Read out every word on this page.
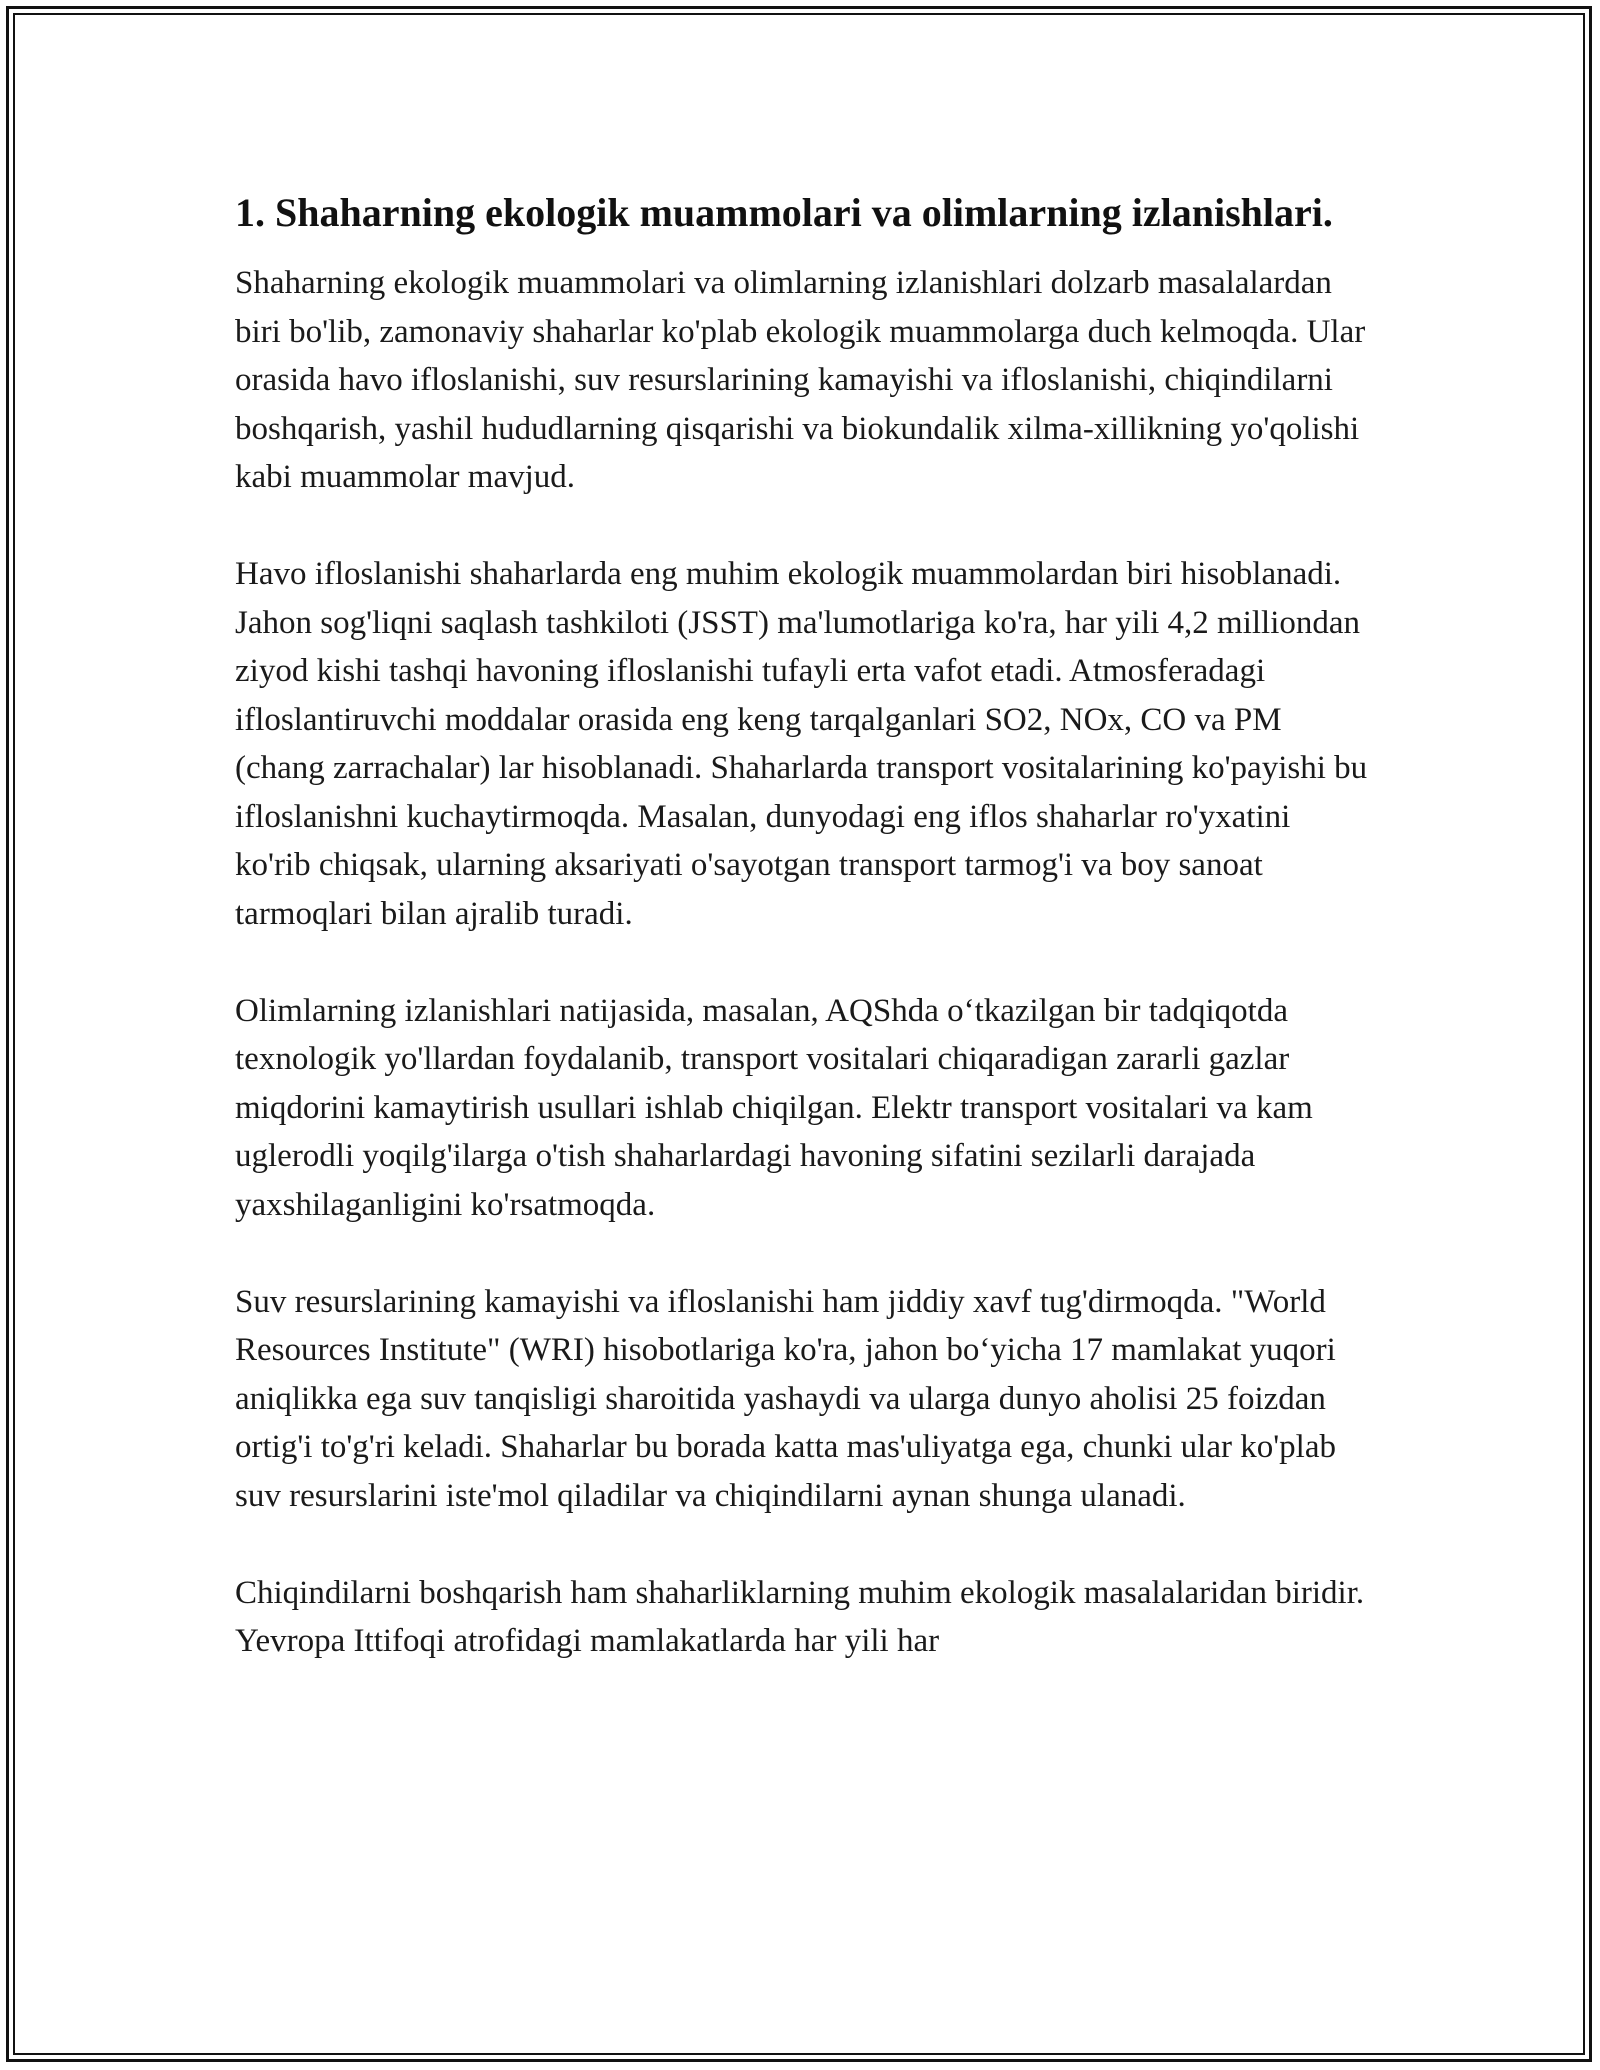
1. Shaharning ekologik muammolari va olimlarning izlanishlari.

Shaharning ekologik muammolari va olimlarning izlanishlari dolzarb masalalardan biri bo'lib, zamonaviy shaharlar ko'plab ekologik muammolarga duch kelmoqda. Ular orasida havo ifloslanishi, suv resurslarining kamayishi va ifloslanishi, chiqindilarni boshqarish, yashil hududlarning qisqarishi va biokundalik xilma-xillikning yo'qolishi kabi muammolar mavjud.

Havo ifloslanishi shaharlarda eng muhim ekologik muammolardan biri hisoblanadi. Jahon sog'liqni saqlash tashkiloti (JSST) ma'lumotlariga ko'ra, har yili 4,2 milliondan ziyod kishi tashqi havoning ifloslanishi tufayli erta vafot etadi. Atmosferadagi ifloslantiruvchi moddalar orasida eng keng tarqalganlari SO2, NOx, CO va PM (chang zarrachalar) lar hisoblanadi. Shaharlarda transport vositalarining ko'payishi bu ifloslanishni kuchaytirmoqda. Masalan, dunyodagi eng iflos shaharlar ro'yxatini ko'rib chiqsak, ularning aksariyati o'sayotgan transport tarmog'i va boy sanoat tarmoqlari bilan ajralib turadi.

Olimlarning izlanishlari natijasida, masalan, AQShda o‘tkazilgan bir tadqiqotda texnologik yo'llardan foydalanib, transport vositalari chiqaradigan zararli gazlar miqdorini kamaytirish usullari ishlab chiqilgan. Elektr transport vositalari va kam uglerodli yoqilg'ilarga o'tish shaharlardagi havoning sifatini sezilarli darajada yaxshilaganligini ko'rsatmoqda.

Suv resurslarining kamayishi va ifloslanishi ham jiddiy xavf tug'dirmoqda. "World Resources Institute" (WRI) hisobotlariga ko'ra, jahon bo‘yicha 17 mamlakat yuqori aniqlikka ega suv tanqisligi sharoitida yashaydi va ularga dunyo aholisi 25 foizdan ortig'i to'g'ri keladi. Shaharlar bu borada katta mas'uliyatga ega, chunki ular ko'plab suv resurslarini iste'mol qiladilar va chiqindilarni aynan shunga ulanadi.

Chiqindilarni boshqarish ham shaharliklarning muhim ekologik masalalaridan biridir. Yevropa Ittifoqi atrofidagi mamlakatlarda har yili har
